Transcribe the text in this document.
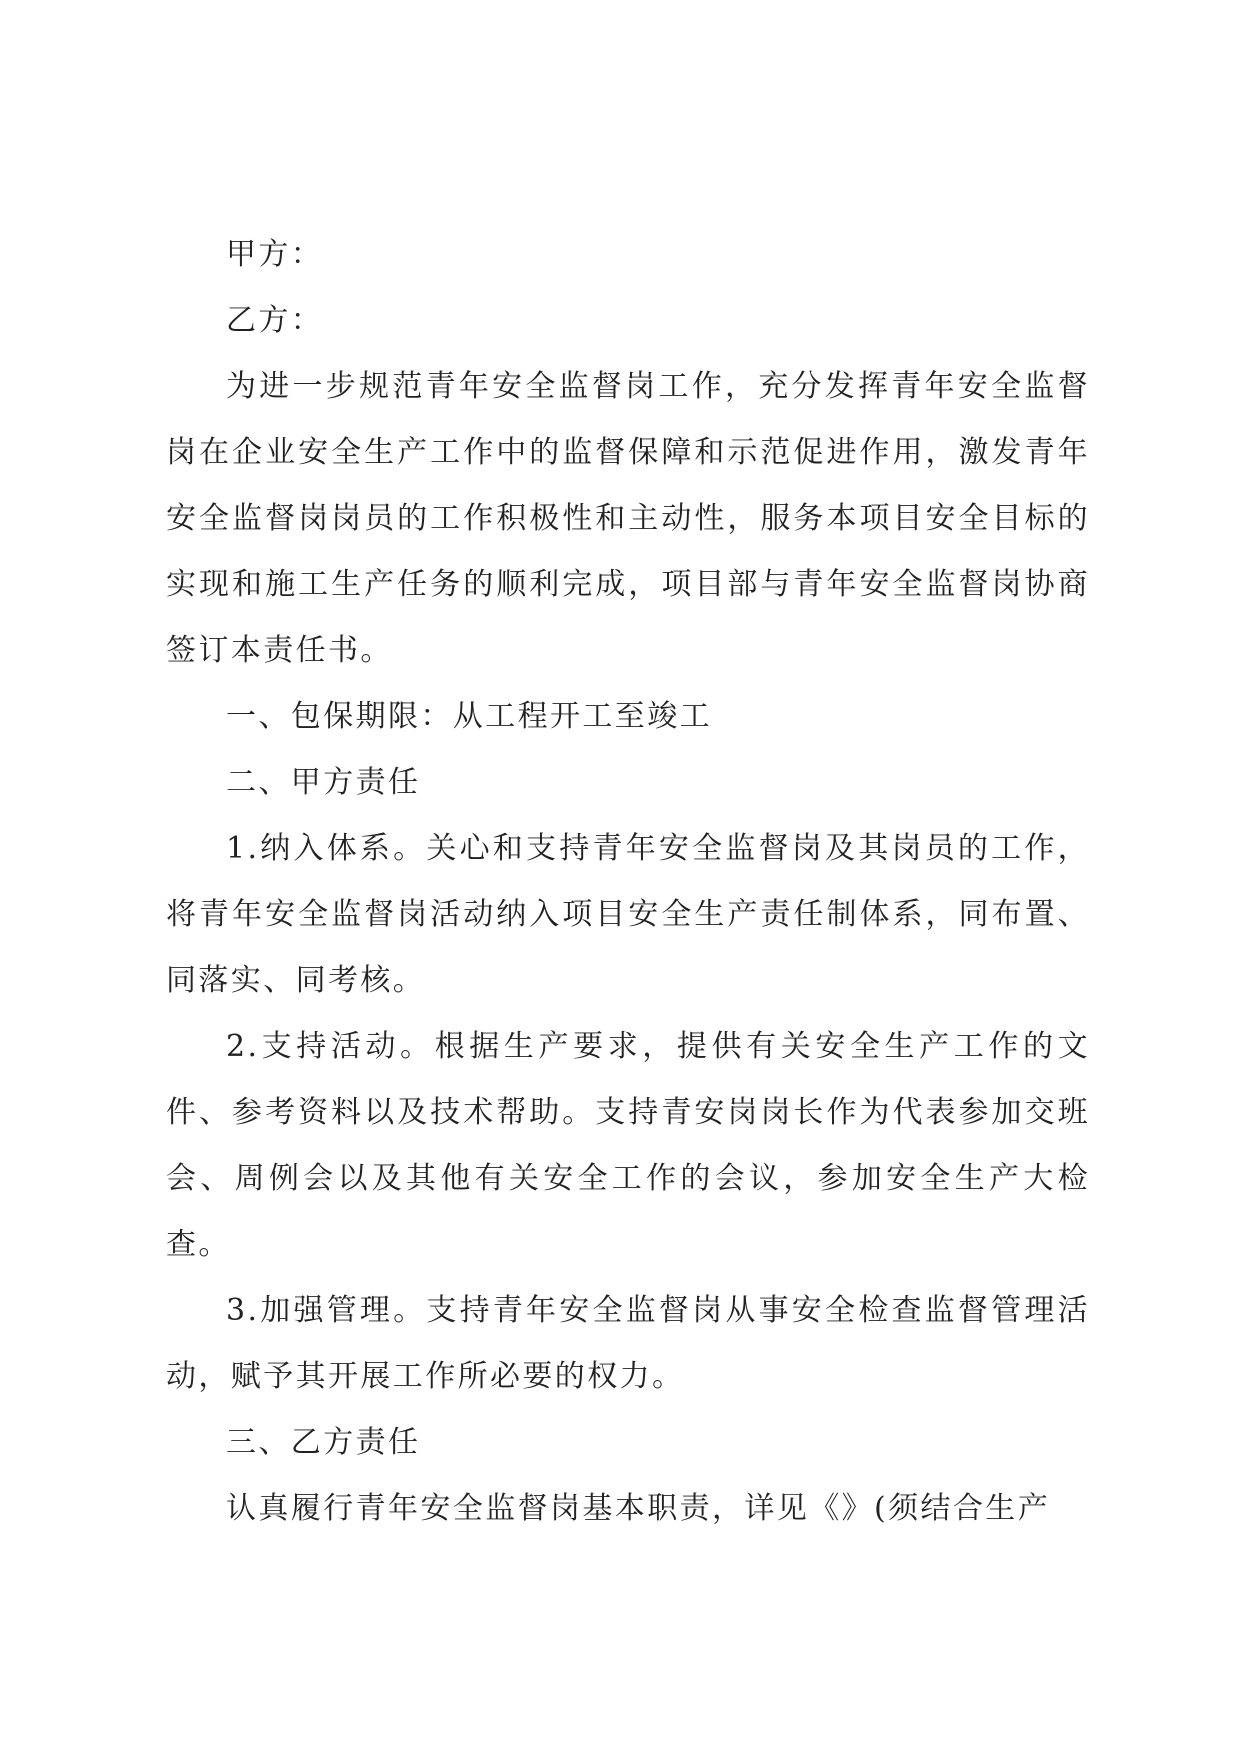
甲方：

乙方：

为进一步规范青年安全监督岗工作，充分发挥青年安全监督岗在企业安全生产工作中的监督保障和示范促进作用，激发青年安全监督岗岗员的工作积极性和主动性，服务本项目安全目标的实现和施工生产任务的顺利完成，项目部与青年安全监督岗协商签订本责任书。

一、包保期限：从工程开工至竣工

二、甲方责任

1.纳入体系。关心和支持青年安全监督岗及其岗员的工作，将青年安全监督岗活动纳入项目安全生产责任制体系，同布置、同落实、同考核。

2.支持活动。根据生产要求，提供有关安全生产工作的文件、参考资料以及技术帮助。支持青安岗岗长作为代表参加交班会、周例会以及其他有关安全工作的会议，参加安全生产大检查。

3.加强管理。支持青年安全监督岗从事安全检查监督管理活动，赋予其开展工作所必要的权力。

三、乙方责任

认真履行青年安全监督岗基本职责，详见《》(须结合生产
